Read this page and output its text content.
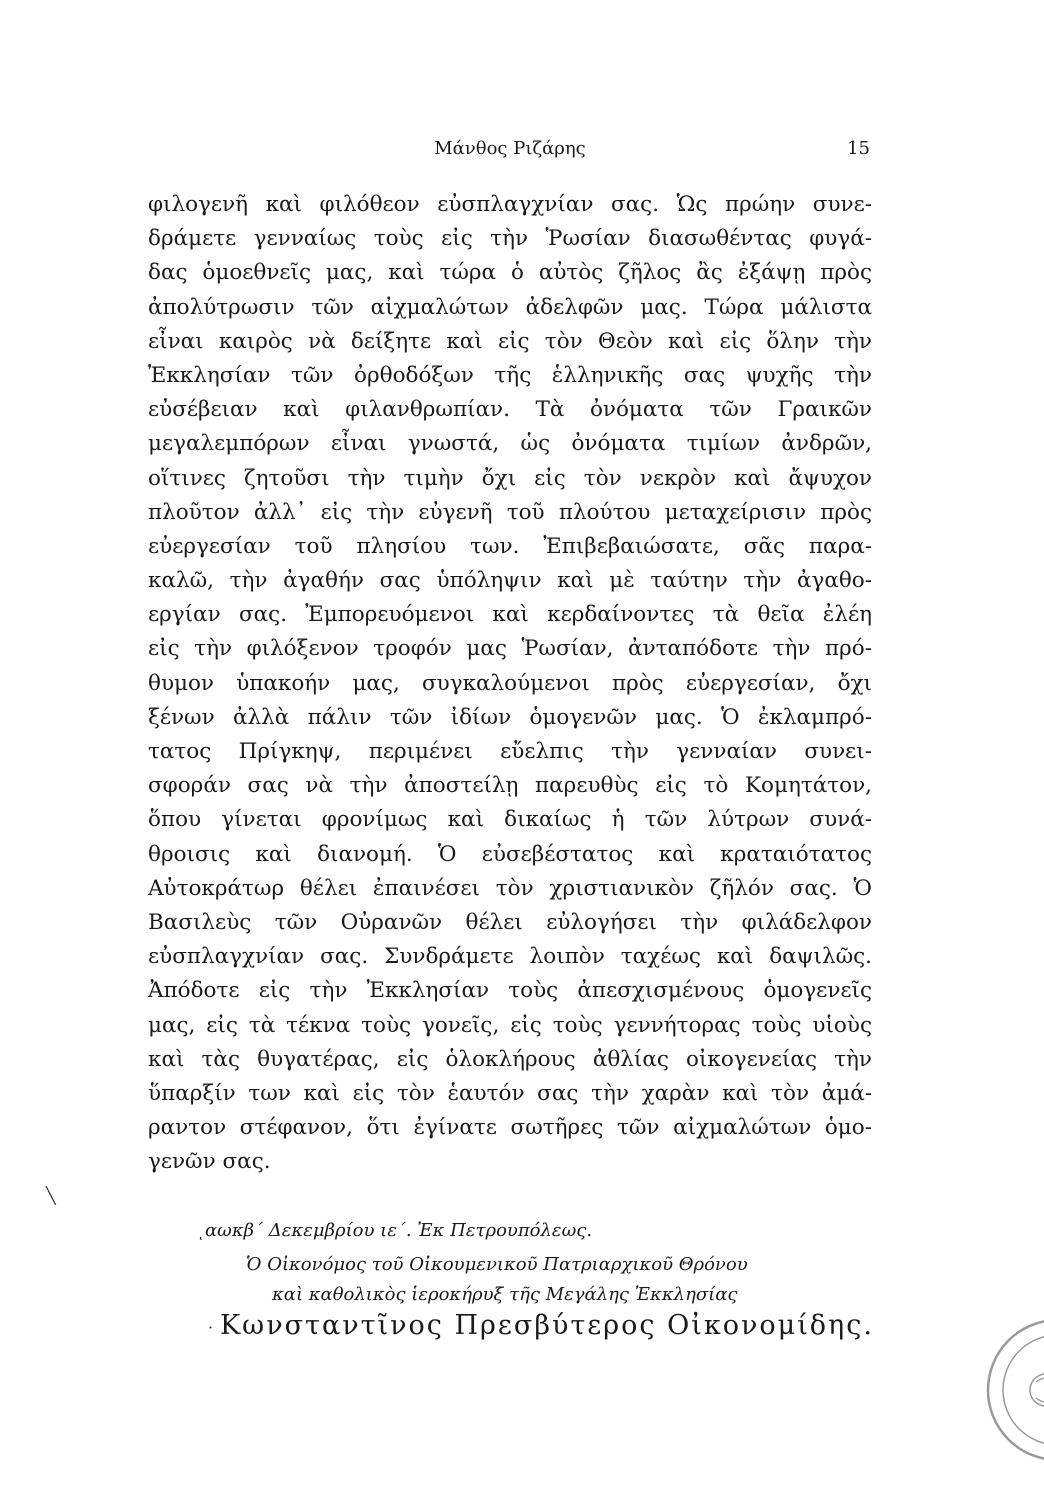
Μάνθος Ριζάρης	15
φιλογενῆ καὶ φιλόθεον εὐσπλαγχνίαν σας. Ὡς πρώην συνε-
δράμετε γενναίως τοὺς εἰς τὴν Ῥωσίαν διασωθέντας φυγά-
δας ὁμοεθνεῖς μας, καὶ τώρα ὁ αὐτὸς ζῆλος ἂς ἐξάψῃ πρὸς
ἀπολύτρωσιν τῶν αἰχμαλώτων ἀδελφῶν μας. Τώρα μάλιστα
εἶναι καιρὸς νὰ δείξητε καὶ εἰς τὸν Θεὸν καὶ εἰς ὅλην τὴν
Ἐκκλησίαν τῶν ὀρθοδόξων τῆς ἑλληνικῆς σας ψυχῆς τὴν
εὐσέβειαν καὶ φιλανθρωπίαν. Τὰ ὀνόματα τῶν Γραικῶν
μεγαλεμπόρων εἶναι γνωστά, ὡς ὀνόματα τιμίων ἀνδρῶν,
οἵτινες ζητοῦσι τὴν τιμὴν ὄχι εἰς τὸν νεκρὸν καὶ ἄψυχον
πλοῦτον ἀλλ᾽ εἰς τὴν εὐγενῆ τοῦ πλούτου μεταχείρισιν πρὸς
εὐεργεσίαν τοῦ πλησίου των. Ἐπιβεβαιώσατε, σᾶς παρα-
καλῶ, τὴν ἀγαθήν σας ὑπόληψιν καὶ μὲ ταύτην τὴν ἀγαθο-
εργίαν σας. Ἐμπορευόμενοι καὶ κερδαίνοντες τὰ θεῖα ἐλέη
εἰς τὴν φιλόξενον τροφόν μας Ῥωσίαν, ἀνταπόδοτε τὴν πρό-
θυμον ὑπακοήν μας, συγκαλούμενοι πρὸς εὐεργεσίαν, ὄχι
ξένων ἀλλὰ πάλιν τῶν ἰδίων ὁμογενῶν μας. Ὁ ἐκλαμπρό-
τατος Πρίγκηψ, περιμένει εὔελπις τὴν γενναίαν συνει-
σφοράν σας νὰ τὴν ἀποστείλῃ παρευθὺς εἰς τὸ Κομητάτον,
ὅπου γίνεται φρονίμως καὶ δικαίως ἡ τῶν λύτρων συνά-
θροισις καὶ διανομή. Ὁ εὐσεβέστατος καὶ κραταιότατος
Αὐτοκράτωρ θέλει ἐπαινέσει τὸν χριστιανικὸν ζῆλόν σας. Ὁ
Βασιλεὺς τῶν Οὐρανῶν θέλει εὐλογήσει τὴν φιλάδελφον
εὐσπλαγχνίαν σας. Συνδράμετε λοιπὸν ταχέως καὶ δαψιλῶς.
Ἀπόδοτε εἰς τὴν Ἐκκλησίαν τοὺς ἀπεσχισμένους ὁμογενεῖς
μας, εἰς τὰ τέκνα τοὺς γονεῖς, εἰς τοὺς γεννήτορας τοὺς υἱοὺς
καὶ τὰς θυγατέρας, εἰς ὁλοκλήρους ἀθλίας οἰκογενείας τὴν
ὕπαρξίν των καὶ εἰς τὸν ἑαυτόν σας τὴν χαρὰν καὶ τὸν ἀμά-
ραντον στέφανον, ὅτι ἐγίνατε σωτῆρες τῶν αἰχμαλώτων ὁμο-
γενῶν σας.
ͺαωκβ΄ Δεκεμβρίου ιε΄. Ἐκ Πετρουπόλεως.
Ὁ Οἰκονόμος τοῦ Οἰκουμενικοῦ Πατριαρχικοῦ Θρόνου
καὶ καθολικὸς ἱεροκήρυξ τῆς Μεγάλης Ἐκκλησίας
Κωνσταντῖνος Πρεσβύτερος Οἰκονομίδης.
╲
·
